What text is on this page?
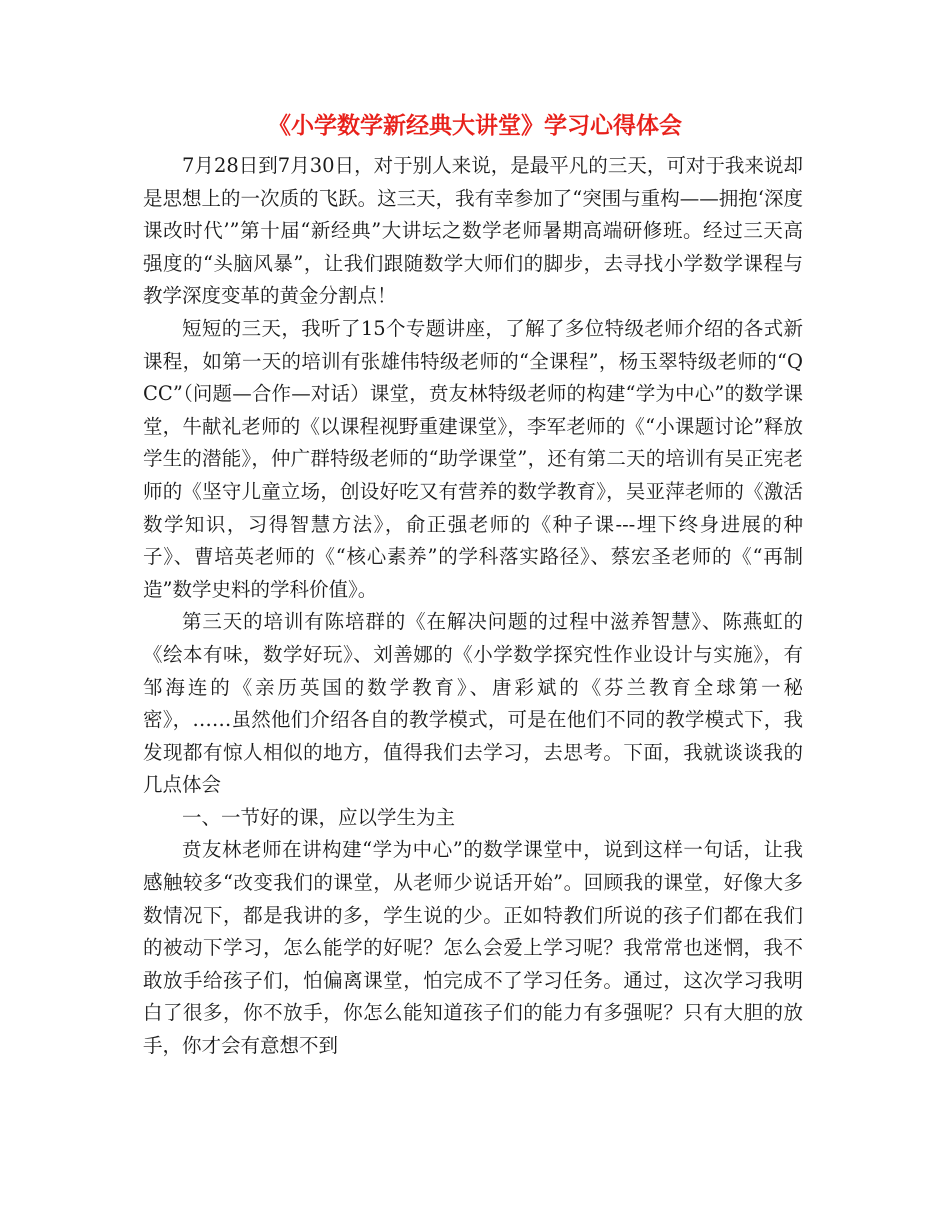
《小学数学新经典大讲堂》学习心得体会

7月28日到7月30日，对于别人来说，是最平凡的三天，可对于我来说却是思想上的一次质的飞跃。这三天，我有幸参加了“突围与重构——拥抱‘深度课改时代’”第十届“新经典”大讲坛之数学老师暑期高端研修班。经过三天高强度的“头脑风暴”，让我们跟随数学大师们的脚步，去寻找小学数学课程与教学深度变革的黄金分割点！

短短的三天，我听了15个专题讲座，了解了多位特级老师介绍的各式新课程，如第一天的培训有张雄伟特级老师的“全课程”，杨玉翠特级老师的“QCC”（问题—合作—对话）课堂，贲友林特级老师的构建“学为中心”的数学课堂，牛献礼老师的《以课程视野重建课堂》，李军老师的《“小课题讨论”释放学生的潜能》，仲广群特级老师的“助学课堂”，还有第二天的培训有吴正宪老师的《坚守儿童立场，创设好吃又有营养的数学教育》，吴亚萍老师的《激活数学知识，习得智慧方法》，俞正强老师的《种子课---埋下终身进展的种子》、曹培英老师的《“核心素养”的学科落实路径》、蔡宏圣老师的《“再制造”数学史料的学科价值》。

第三天的培训有陈培群的《在解决问题的过程中滋养智慧》、陈燕虹的《绘本有味，数学好玩》、刘善娜的《小学数学探究性作业设计与实施》，有邹海连的《亲历英国的数学教育》、唐彩斌的《芬兰教育全球第一秘密》，……虽然他们介绍各自的教学模式，可是在他们不同的教学模式下，我发现都有惊人相似的地方，值得我们去学习，去思考。下面，我就谈谈我的几点体会

一、一节好的课，应以学生为主

贲友林老师在讲构建“学为中心”的数学课堂中，说到这样一句话，让我感触较多“改变我们的课堂，从老师少说话开始”。回顾我的课堂，好像大多数情况下，都是我讲的多，学生说的少。正如特教们所说的孩子们都在我们的被动下学习，怎么能学的好呢？怎么会爱上学习呢？我常常也迷惘，我不敢放手给孩子们，怕偏离课堂，怕完成不了学习任务。通过，这次学习我明白了很多，你不放手，你怎么能知道孩子们的能力有多强呢？只有大胆的放手，你才会有意想不到
